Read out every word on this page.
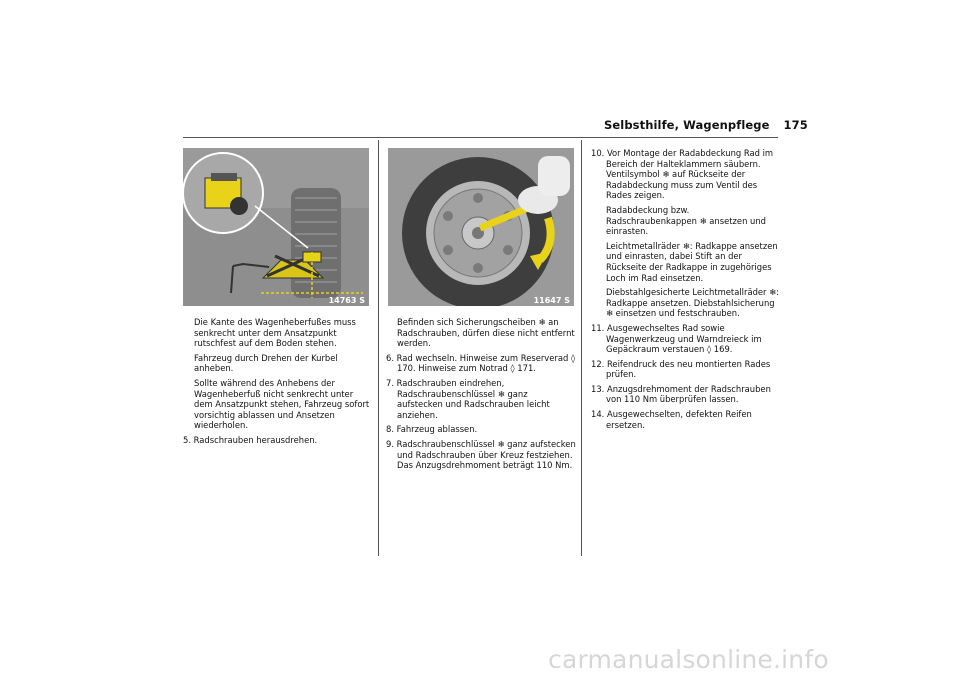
Selbsthilfe, Wagenpflege 175
14763 S	11647 S

Die Kante des Wagenheberfußes muss senkrecht unter dem Ansatzpunkt rutschfest auf dem Boden stehen.

Fahrzeug durch Drehen der Kurbel anheben.

Sollte während des Anhebens der Wagenheberfuß nicht senkrecht unter dem Ansatzpunkt stehen, Fahrzeug sofort vorsichtig ablassen und Ansetzen wiederholen.

5. Radschrauben herausdrehen.

Befinden sich Sicherungscheiben ❄ an Radschrauben, dürfen diese nicht entfernt werden.

6. Rad wechseln. Hinweise zum Reserverad ◊ 170. Hinweise zum Notrad ◊ 171.

7. Radschrauben eindrehen, Radschraubenschlüssel ❄ ganz aufstecken und Radschrauben leicht anziehen.

8. Fahrzeug ablassen.

9. Radschraubenschlüssel ❄ ganz aufstecken und Radschrauben über Kreuz festziehen. Das Anzugsdrehmoment beträgt 110 Nm.

10. Vor Montage der Radabdeckung Rad im Bereich der Halteklammern säubern. Ventilsymbol ❄ auf Rückseite der Radabdeckung muss zum Ventil des Rades zeigen.

Radabdeckung bzw. Radschraubenkappen ❄ ansetzen und einrasten.

Leichtmetallräder ❄: Radkappe ansetzen und einrasten, dabei Stift an der Rückseite der Radkappe in zugehöriges Loch im Rad einsetzen.

Diebstahlgesicherte Leichtmetallräder ❄: Radkappe ansetzen. Diebstahlsicherung ❄ einsetzen und festschrauben.

11. Ausgewechseltes Rad sowie Wagenwerkzeug und Warndreieck im Gepäckraum verstauen ◊ 169.

12. Reifendruck des neu montierten Rades prüfen.

13. Anzugsdrehmoment der Radschrauben von 110 Nm überprüfen lassen.

14. Ausgewechselten, defekten Reifen ersetzen.

carmanualsonline.info
